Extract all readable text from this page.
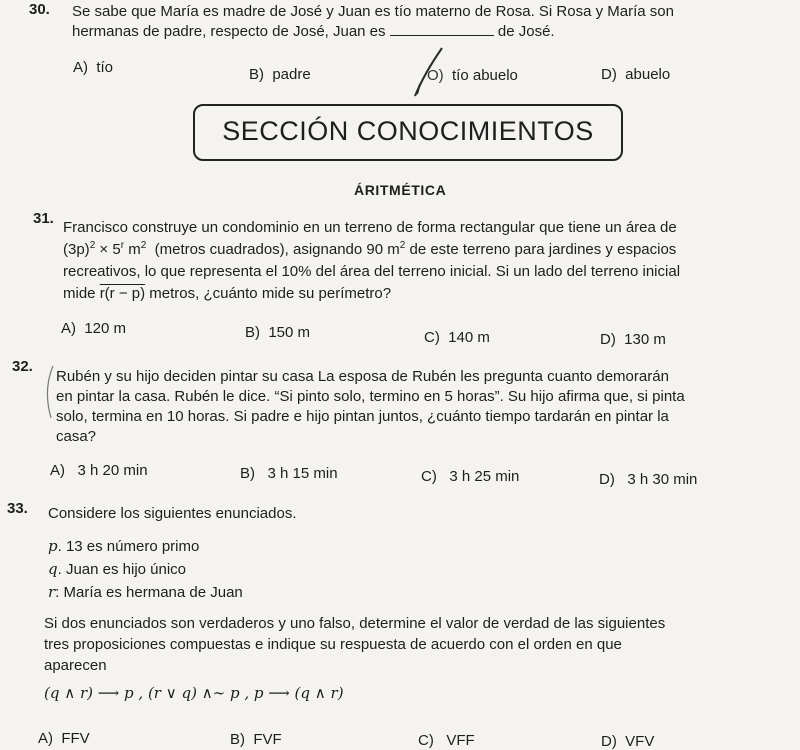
30. Se sabe que María es madre de José y Juan es tío materno de Rosa. Si Rosa y María son
hermanas de padre, respecto de José, Juan es	de José.
A) tío	B) padre	O) tío abuelo	D) abuelo
SECCIÓN CONOCIMIENTOS
ÁRITMÉTICA
31.
Francisco construye un condominio en un terreno de forma rectangular que tiene un área de
$(3p)^2 \times 5^r$ $m^2$ (metros cuadrados), asignando 90 $m^2$ de este terreno para jardines y espacios
recreativos, lo que representa el 10% del área del terreno inicial. Si un lado del terreno inicial
mide r(r − p) metros, ¿cuánto mide su perímetro?
A) 120 m	B) 150 m	C) 140 m	D) 130 m
32.
Rubén y su hijo deciden pintar su casa La esposa de Rubén les pregunta cuanto demorarán
en pintar la casa. Rubén le dice. “Si pinto solo, termino en 5 horas”. Su hijo afirma que, si pinta
solo, termina en 10 horas. Si padre e hijo pintan juntos, ¿cuánto tiempo tardarán en pintar la
casa?
A) 3 h 20 min	B) 3 h 15 min	C) 3 h 25 min	D) 3 h 30 min
33. Considere los siguientes enunciados.
p. 13 es número primo
q. Juan es hijo único
r: María es hermana de Juan
Si dos enunciados son verdaderos y uno falso, determine el valor de verdad de las siguientes
tres proposiciones compuestas e indique su respuesta de acuerdo con el orden en que
aparecen
(q ∧ r) ⟶ p , (r ∨ q) ∧∼ p , p ⟶ (q ∧ r)
A) FFV	B) FVF	C) VFF	D) VFV
